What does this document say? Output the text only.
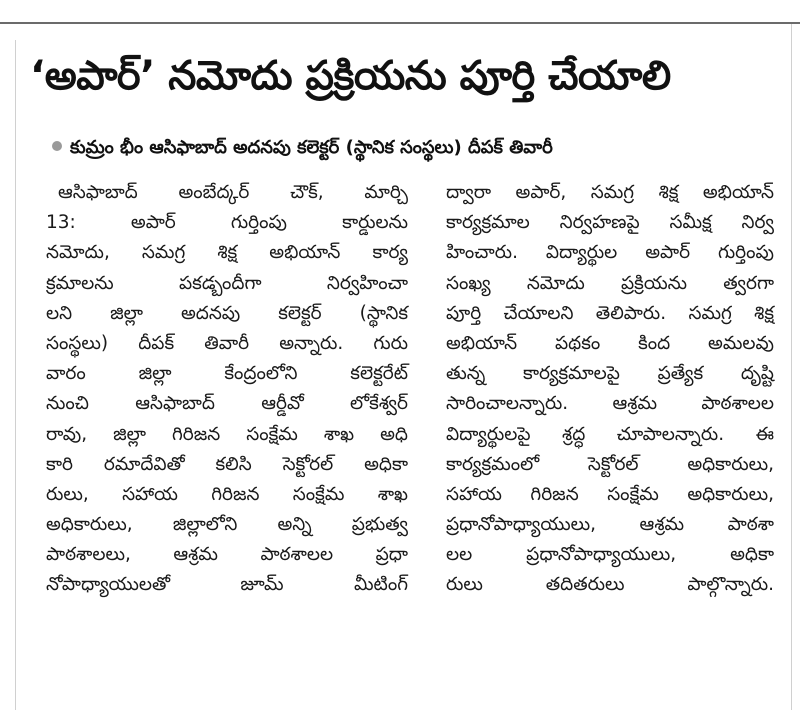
‘అపార్’ నమోదు ప్రక్రియను పూర్తి చేయాలి
కుమ్రం భీం ఆసిఫాబాద్ అదనపు కలెక్టర్ (స్థానిక సంస్థలు) దీపక్ తివారీ
ఆసిఫాబాద్ అంబేద్కర్ చౌక్, మార్చి
13: అపార్ గుర్తింపు కార్డులను
నమోదు, సమగ్ర శిక్ష అభియాన్ కార్య
క్రమాలను పకడ్బందీగా నిర్వహించా
లని జిల్లా అదనపు కలెక్టర్ (స్థానిక
సంస్థలు) దీపక్ తివారీ అన్నారు. గురు
వారం జిల్లా కేంద్రంలోని కలెక్టరేట్
నుంచి ఆసిఫాబాద్ ఆర్డీవో లోకేశ్వర్
రావు, జిల్లా గిరిజన సంక్షేమ శాఖ అధి
కారి రమాదేవితో కలిసి సెక్టోరల్ అధికా
రులు, సహాయ గిరిజన సంక్షేమ శాఖ
అధికారులు, జిల్లాలోని అన్ని ప్రభుత్వ
పాఠశాలలు, ఆశ్రమ పాఠశాలల ప్రధా
నోపాధ్యాయులతో జూమ్ మీటింగ్
ద్వారా అపార్, సమగ్ర శిక్ష అభియాన్
కార్యక్రమాల నిర్వహణపై సమీక్ష నిర్వ
హించారు. విద్యార్థుల అపార్ గుర్తింపు
సంఖ్య నమోదు ప్రక్రియను త్వరగా
పూర్తి చేయాలని తెలిపారు. సమగ్ర శిక్ష
అభియాన్ పథకం కింద అమలవు
తున్న కార్యక్రమాలపై ప్రత్యేక దృష్టి
సారించాలన్నారు. ఆశ్రమ పాఠశాలల
విద్యార్థులపై శ్రద్ధ చూపాలన్నారు. ఈ
కార్యక్రమంలో సెక్టోరల్ అధికారులు,
సహాయ గిరిజన సంక్షేమ అధికారులు,
ప్రధానోపాధ్యాయులు, ఆశ్రమ పాఠశా
లల ప్రధానోపాధ్యాయులు, అధికా
రులు తదితరులు పాల్గొన్నారు.
